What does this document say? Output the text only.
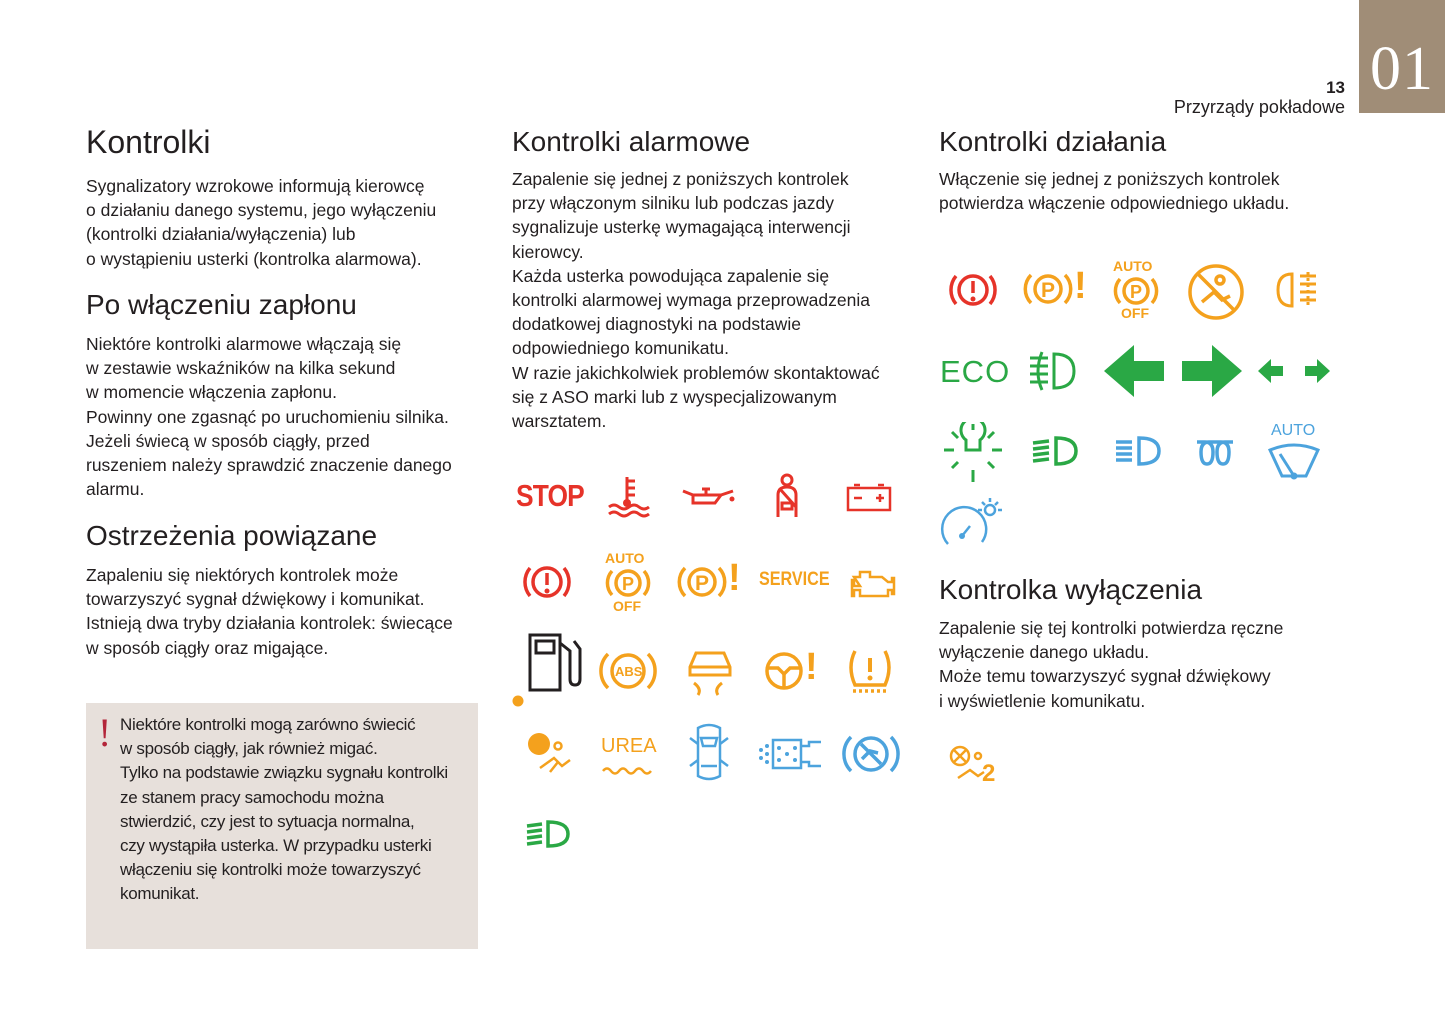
01
13
Przyrządy pokładowe
Kontrolki

Sygnalizatory wzrokowe informują kierowcę

o działaniu danego systemu, jego wyłączeniu

(kontrolki działania/wyłączenia) lub

o wystąpieniu usterki (kontrolka alarmowa).

Po włączeniu zapłonu

Niektóre kontrolki alarmowe włączają się

w zestawie wskaźników na kilka sekund

w momencie włączenia zapłonu.

Powinny one zgasnąć po uruchomieniu silnika.

Jeżeli świecą w sposób ciągły, przed

ruszeniem należy sprawdzić znaczenie danego

alarmu.

Ostrzeżenia powiązane

Zapaleniu się niektórych kontrolek może

towarzyszyć sygnał dźwiękowy i komunikat.

Istnieją dwa tryby działania kontrolek: świecące

w sposób ciągły oraz migające.

! Niektóre kontrolki mogą zarówno świecić
w sposób ciągły, jak również migać.
Tylko na podstawie związku sygnału kontrolki
ze stanem pracy samochodu można
stwierdzić, czy jest to sytuacja normalna,
czy wystąpiła usterka. W przypadku usterki
włączeniu się kontrolki może towarzyszyć
komunikat.
Kontrolki alarmowe

Zapalenie się jednej z poniższych kontrolek

przy włączonym silniku lub podczas jazdy

sygnalizuje usterkę wymagającą interwencji

kierowcy.

Każda usterka powodująca zapalenie się

kontrolki alarmowej wymaga przeprowadzenia

dodatkowej diagnostyki na podstawie

odpowiedniego komunikatu.

W razie jakichkolwiek problemów skontaktować

się z ASO marki lub z wyspecjalizowanym

warsztatem.

STOP
AUTO
P
OFF
P ! SERVICE
ABS	!
UREA
Kontrolki działania

Włączenie się jednej z poniższych kontrolek

potwierdza włączenie odpowiedniego układu.

P ! AUTO
P
OFF
ECO
AUTO
Kontrolka wyłączenia

Zapalenie się tej kontrolki potwierdza ręczne

wyłączenie danego układu.

Może temu towarzyszyć sygnał dźwiękowy

i wyświetlenie komunikatu.

2
